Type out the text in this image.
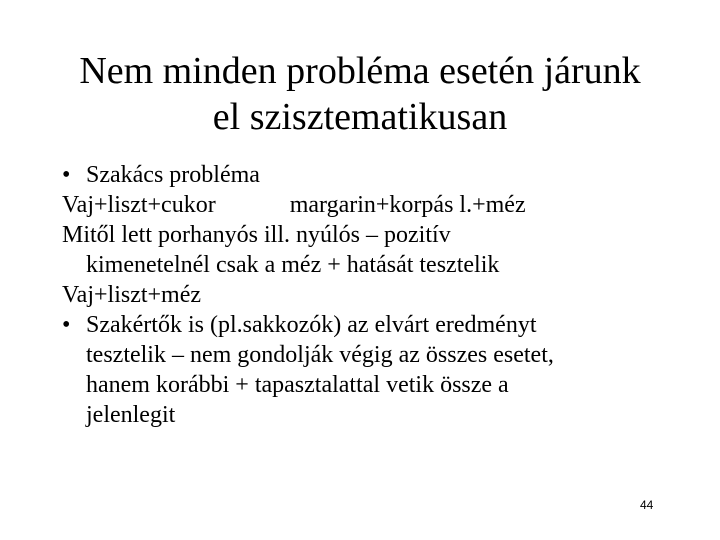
Nem minden probléma esetén járunk
el szisztematikusan
• Szakács probléma
Vaj+liszt+cukor	margarin+korpás l.+méz
Mitől lett porhanyós ill. nyúlós – pozitív
kimenetelnél csak a méz + hatását tesztelik
Vaj+liszt+méz
• Szakértők is (pl.sakkozók) az elvárt eredményt
tesztelik – nem gondolják végig az összes esetet,
hanem korábbi + tapasztalattal vetik össze a
jelenlegit
44
